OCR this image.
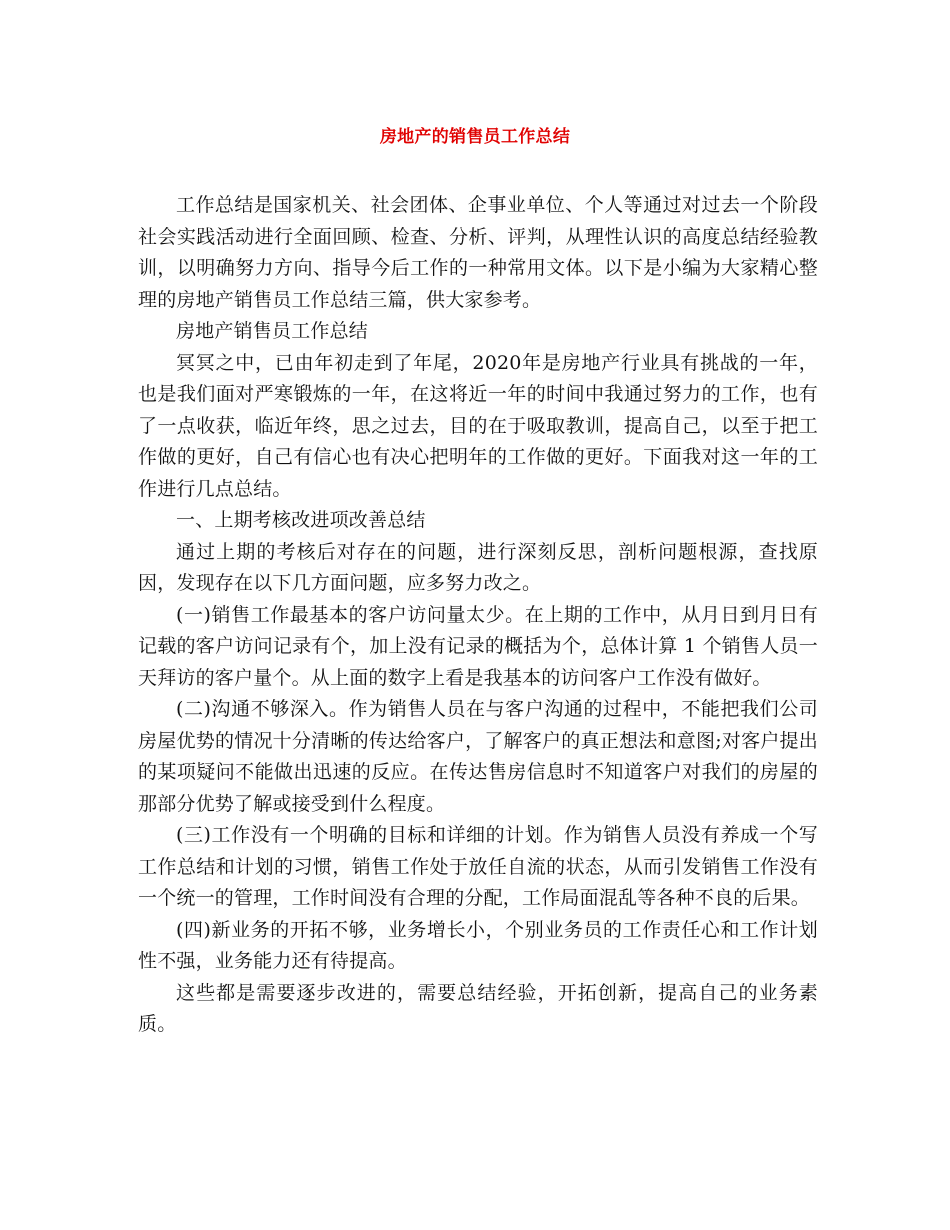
房地产的销售员工作总结

工作总结是国家机关、社会团体、企事业单位、个人等通过对过去一个阶段社会实践活动进行全面回顾、检查、分析、评判，从理性认识的高度总结经验教训，以明确努力方向、指导今后工作的一种常用文体。以下是小编为大家精心整理的房地产销售员工作总结三篇，供大家参考。

房地产销售员工作总结

冥冥之中，已由年初走到了年尾，2020年是房地产行业具有挑战的一年，也是我们面对严寒锻炼的一年，在这将近一年的时间中我通过努力的工作，也有了一点收获，临近年终，思之过去，目的在于吸取教训，提高自己，以至于把工作做的更好，自己有信心也有决心把明年的工作做的更好。下面我对这一年的工作进行几点总结。

一、上期考核改进项改善总结

通过上期的考核后对存在的问题，进行深刻反思，剖析问题根源，查找原因，发现存在以下几方面问题，应多努力改之。

(一)销售工作最基本的客户访问量太少。在上期的工作中，从月日到月日有记载的客户访问记录有个，加上没有记录的概括为个，总体计算 1 个销售人员一天拜访的客户量个。从上面的数字上看是我基本的访问客户工作没有做好。

(二)沟通不够深入。作为销售人员在与客户沟通的过程中，不能把我们公司房屋优势的情况十分清晰的传达给客户，了解客户的真正想法和意图;对客户提出的某项疑问不能做出迅速的反应。在传达售房信息时不知道客户对我们的房屋的那部分优势了解或接受到什么程度。

(三)工作没有一个明确的目标和详细的计划。作为销售人员没有养成一个写工作总结和计划的习惯，销售工作处于放任自流的状态，从而引发销售工作没有一个统一的管理，工作时间没有合理的分配，工作局面混乱等各种不良的后果。

(四)新业务的开拓不够，业务增长小，个别业务员的工作责任心和工作计划性不强，业务能力还有待提高。

这些都是需要逐步改进的，需要总结经验，开拓创新，提高自己的业务素质。
